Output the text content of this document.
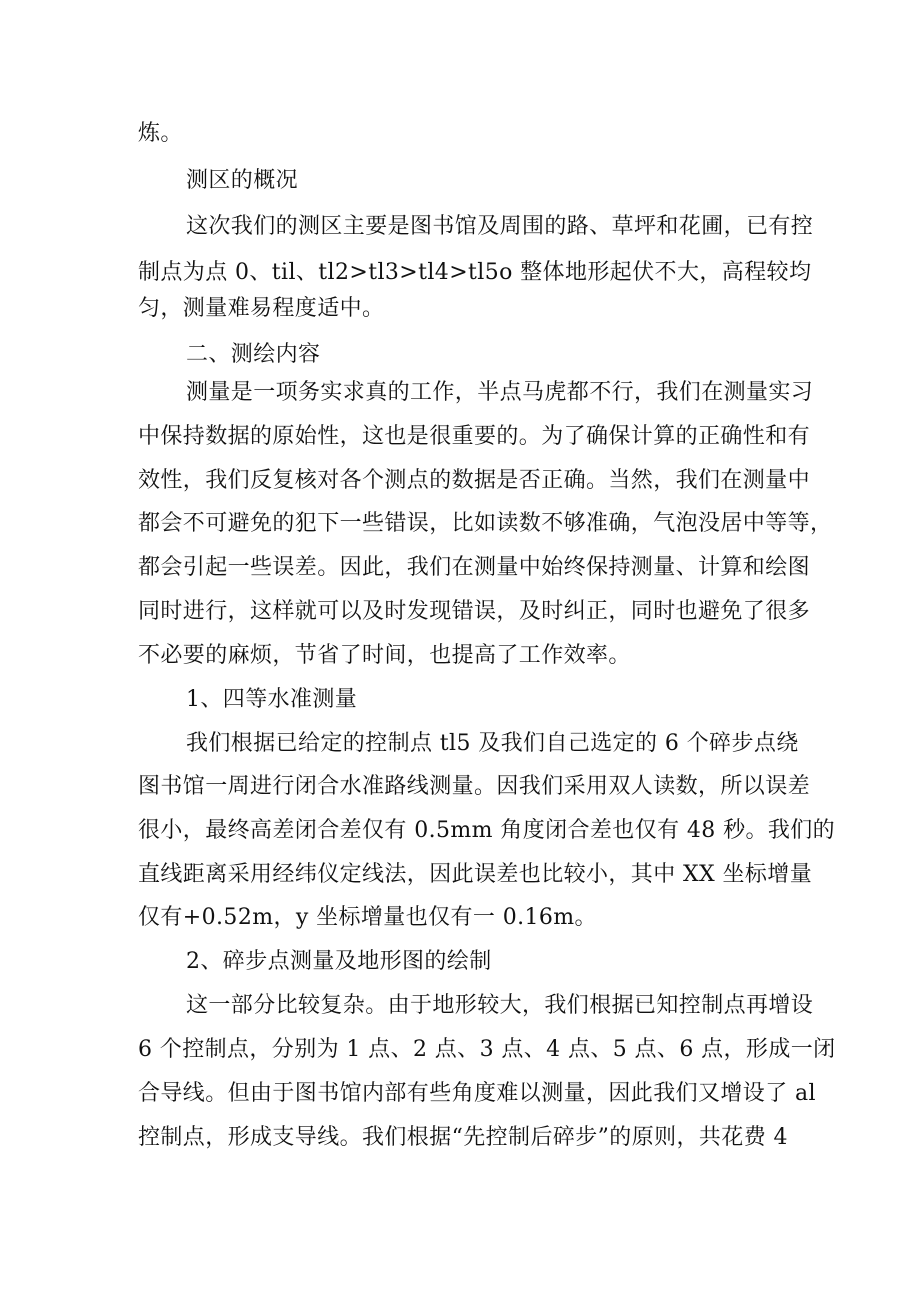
炼。
测区的概况
这次我们的测区主要是图书馆及周围的路、草坪和花圃，已有控
制点为点 0、til、tl2>tl3>tl4>tl5o 整体地形起伏不大，高程较均
匀，测量难易程度适中。
二、测绘内容
测量是一项务实求真的工作，半点马虎都不行，我们在测量实习
中保持数据的原始性，这也是很重要的。为了确保计算的正确性和有
效性，我们反复核对各个测点的数据是否正确。当然，我们在测量中
都会不可避免的犯下一些错误，比如读数不够准确，气泡没居中等等，
都会引起一些误差。因此，我们在测量中始终保持测量、计算和绘图
同时进行，这样就可以及时发现错误，及时纠正，同时也避免了很多
不必要的麻烦，节省了时间，也提高了工作效率。
1、四等水准测量
我们根据已给定的控制点 tl5 及我们自己选定的 6 个碎步点绕
图书馆一周进行闭合水准路线测量。因我们采用双人读数，所以误差
很小，最终高差闭合差仅有 0.5mm 角度闭合差也仅有 48 秒。我们的
直线距离采用经纬仪定线法，因此误差也比较小，其中 XX 坐标增量
仅有+0.52m，y 坐标增量也仅有一 0.16m。
2、碎步点测量及地形图的绘制
这一部分比较复杂。由于地形较大，我们根据已知控制点再增设
6 个控制点，分别为 1 点、2 点、3 点、4 点、5 点、6 点，形成一闭
合导线。但由于图书馆内部有些角度难以测量，因此我们又增设了 al
控制点，形成支导线。我们根据“先控制后碎步”的原则，共花费 4
